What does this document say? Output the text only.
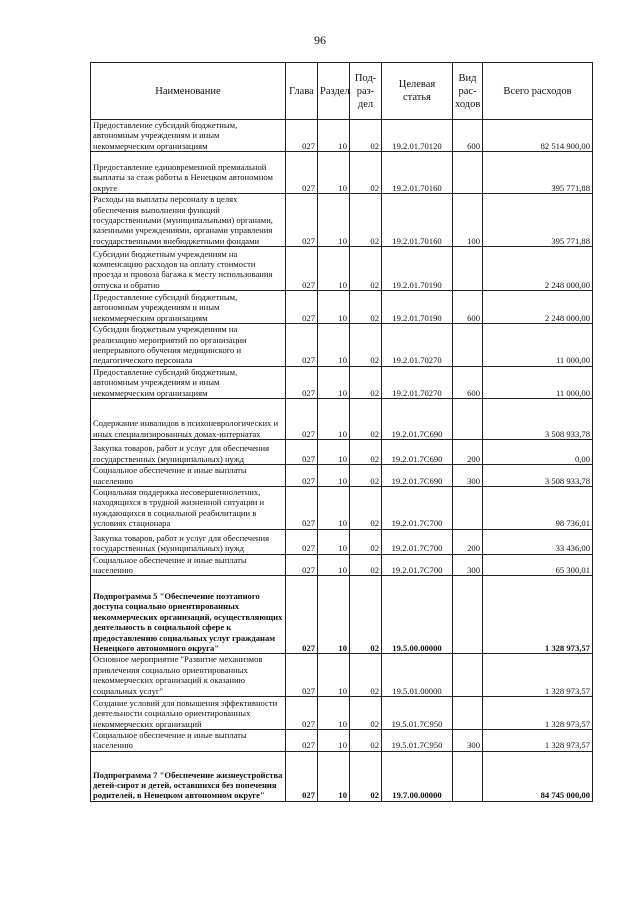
96
Наименование	Глава	Раздел	Под-раз-дел	Целевая статья	Вид рас-ходов	Всего расходов
Предоставление субсидий бюджетным, автономным учреждениям и иным некоммерческим организациям	027	10	02	19.2.01.70120	600	82 514 900,00
Предоставление единовременной премиальной выплаты за стаж работы в Ненецком автономном округе	027	10	02	19.2.01.70160		395 771,88
Расходы на выплаты персоналу в целях обеспечения выполнения функций государственными (муниципальными) органами, казенными учреждениями, органами управления государственными внебюджетными фондами	027	10	02	19.2.01.70160	100	395 771,88
Субсидии бюджетным учреждениям на компенсацию расходов на оплату стоимости проезда и провоза багажа к месту использования отпуска и обратно	027	10	02	19.2.01.70190		2 248 000,00
Предоставление субсидий бюджетным, автономным учреждениям и иным некоммерческим организациям	027	10	02	19.2.01.70190	600	2 248 000,00
Субсидии бюджетным учреждениям на реализацию мероприятий по организации непрерывного обучения медицинского и педагогического персонала	027	10	02	19.2.01.70270		11 000,00
Предоставление субсидий бюджетным, автономным учреждениям и иным некоммерческим организациям	027	10	02	19.2.01.70270	600	11 000,00
Содержание инвалидов в психоневрологических и иных специализированных домах-интернатах	027	10	02	19.2.01.7С690		3 508 933,78
Закупка товаров, работ и услуг для обеспечения государственных (муниципальных) нужд	027	10	02	19.2.01.7С690	200	0,00
Социальное обеспечение и иные выплаты населению	027	10	02	19.2.01.7С690	300	3 508 933,78
Социальная поддержка несовершеннолетних, находящихся в трудной жизненной ситуации и нуждающихся в социальной реабилитации в условиях стационара	027	10	02	19.2.01.7С700		98 736,01
Закупка товаров, работ и услуг для обеспечения государственных (муниципальных) нужд	027	10	02	19.2.01.7С700	200	33 436,00
Социальное обеспечение и иные выплаты населению	027	10	02	19.2.01.7С700	300	65 300,01
Подпрограмма 5 "Обеспечение поэтапного доступа социально ориентированных некоммерческих организаций, осуществляющих деятельность в социальной сфере к предоставлению социальных услуг гражданам Ненецкого автономного округа"	027	10	02	19.5.00.00000		1 328 973,57
Основное мероприятие "Развитие механизмов привлечения социально ориентированных некоммерческих организаций к оказанию социальных услуг"	027	10	02	19.5.01.00000		1 328 973,57
Создание условий для повышения эффективности деятельности социально ориентированных некоммерческих организаций	027	10	02	19.5.01.7С950		1 328 973,57
Социальное обеспечение и иные выплаты населению	027	10	02	19.5.01.7С950	300	1 328 973,57
Подпрограмма 7 "Обеспечение жизнеустройства детей-сирот и детей, оставшихся без попечения родителей, в Ненецком автономном округе"	027	10	02	19.7.00.00000		84 745 000,00
